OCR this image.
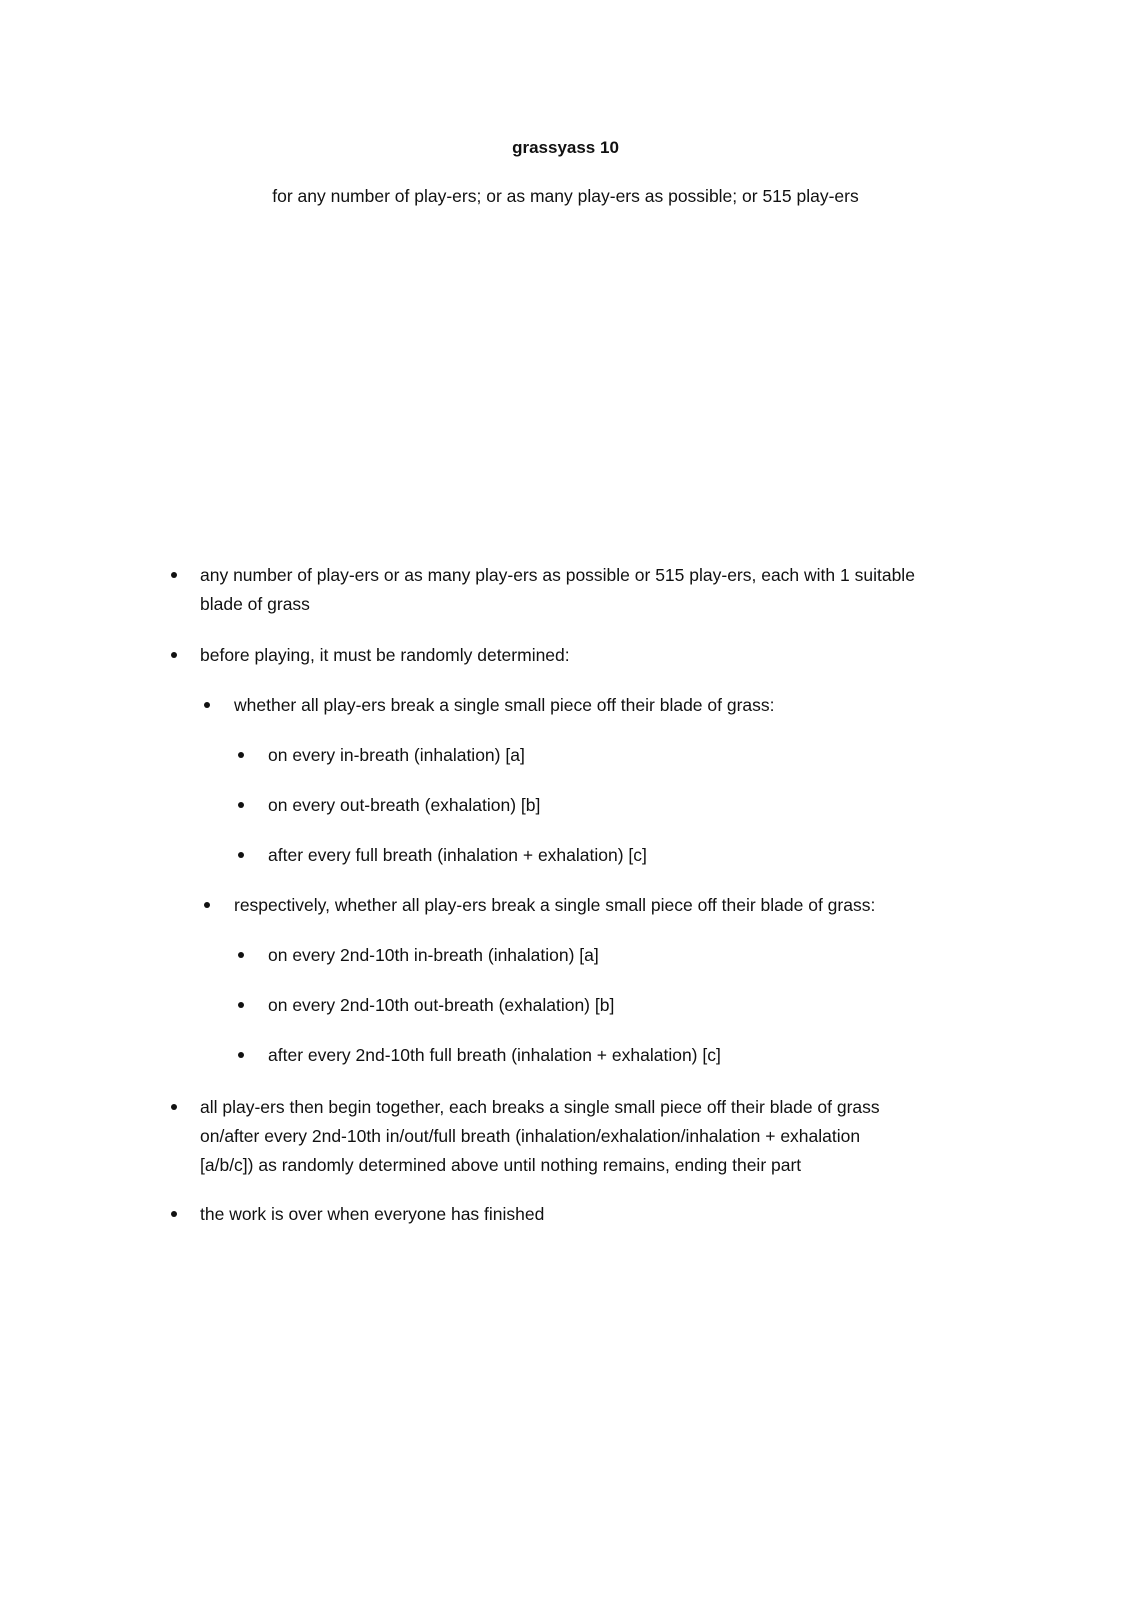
grassyass 10
for any number of play-ers; or as many play-ers as possible; or 515 play-ers
any number of play-ers or as many play-ers as possible or 515 play-ers, each with 1 suitable
blade of grass
before playing, it must be randomly determined:
whether all play-ers break a single small piece off their blade of grass:
on every in-breath (inhalation) [a]
on every out-breath (exhalation) [b]
after every full breath (inhalation + exhalation) [c]
respectively, whether all play-ers break a single small piece off their blade of grass:
on every 2nd-10th in-breath (inhalation) [a]
on every 2nd-10th out-breath (exhalation) [b]
after every 2nd-10th full breath (inhalation + exhalation) [c]
all play-ers then begin together, each breaks a single small piece off their blade of grass
on/after every 2nd-10th in/out/full breath (inhalation/exhalation/inhalation + exhalation
[a/b/c]) as randomly determined above until nothing remains, ending their part
the work is over when everyone has finished
